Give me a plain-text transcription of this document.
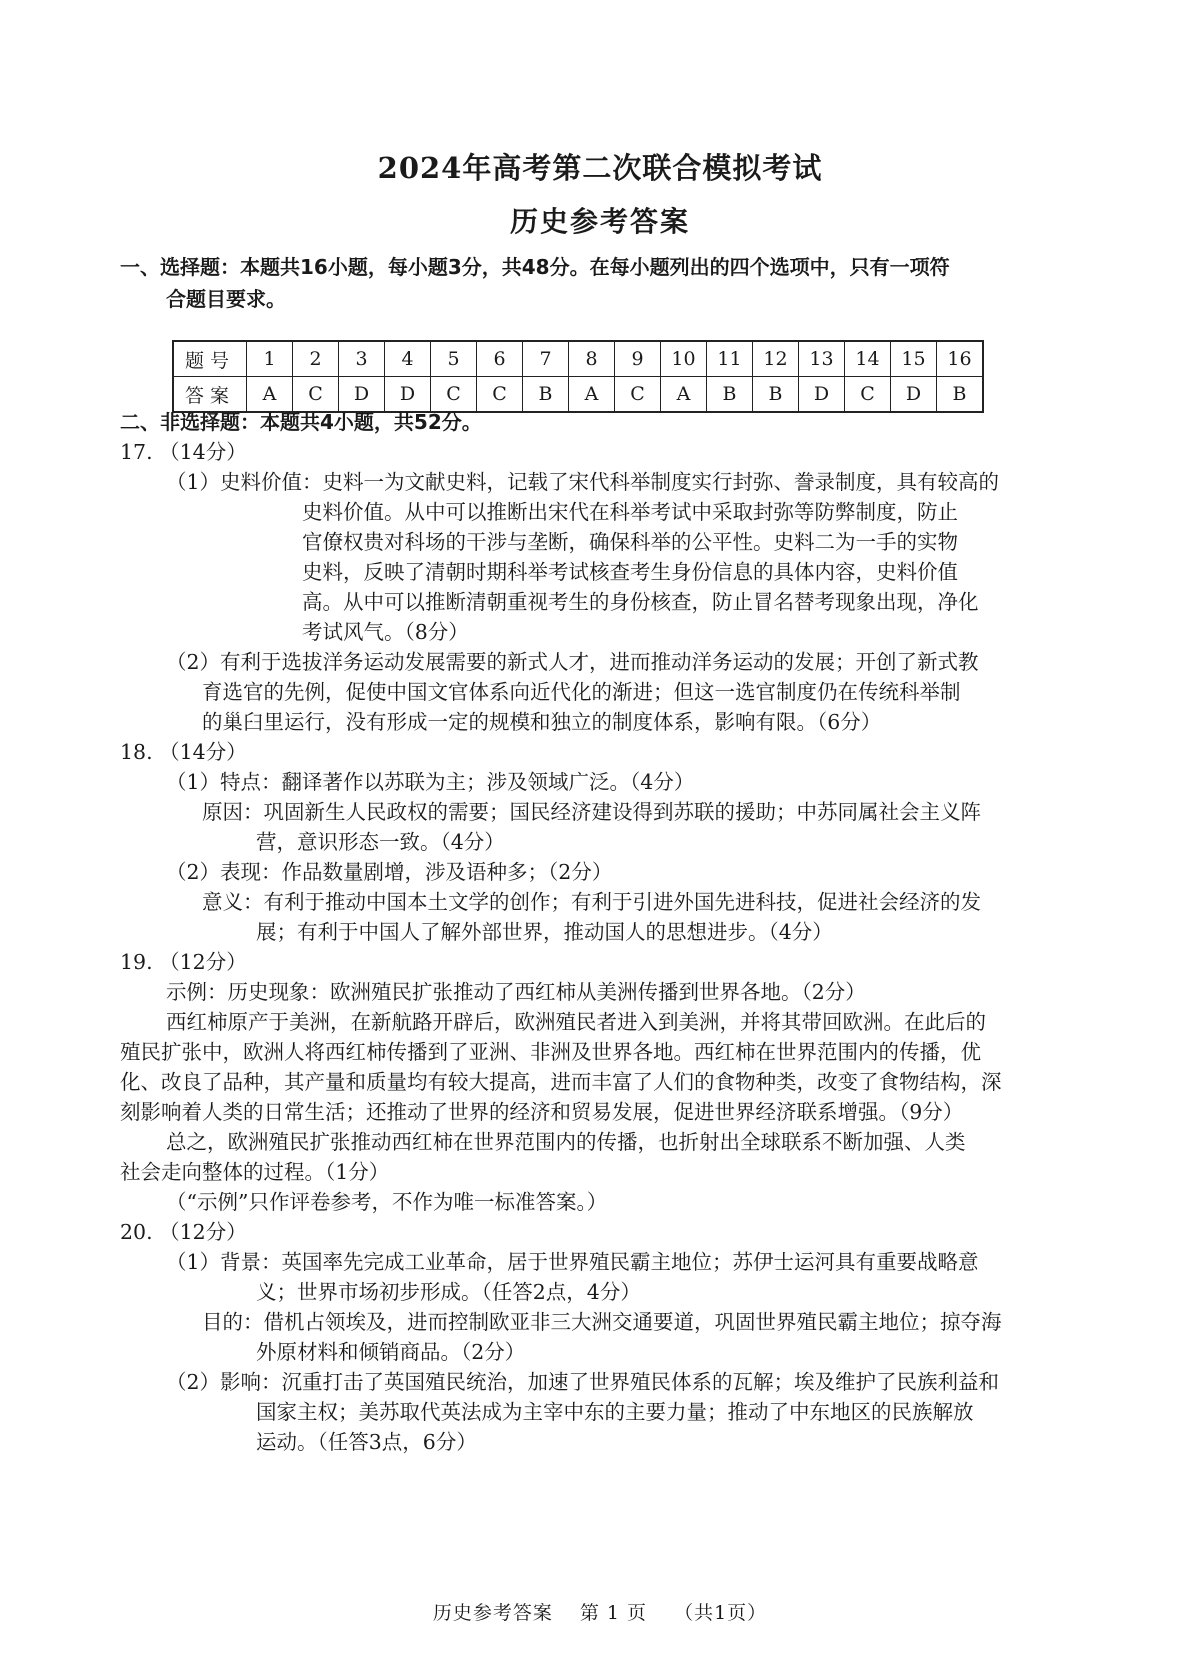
2024年高考第二次联合模拟考试
历史参考答案
一、选择题：本题共16小题，每小题3分，共48分。在每小题列出的四个选项中，只有一项符
合题目要求。
题号	1	2	3	4	5	6	7	8	9	10	11	12	13	14	15	16
答案	A	C	D	D	C	C	B	A	C	A	B	B	D	C	D	B
二、非选择题：本题共4小题，共52分。
17. （14分）
（1）史料价值：史料一为文献史料，记载了宋代科举制度实行封弥、誊录制度，具有较高的
史料价值。从中可以推断出宋代在科举考试中采取封弥等防弊制度，防止
官僚权贵对科场的干涉与垄断，确保科举的公平性。史料二为一手的实物
史料，反映了清朝时期科举考试核查考生身份信息的具体内容，史料价值
高。从中可以推断清朝重视考生的身份核查，防止冒名替考现象出现，净化
考试风气。（8分）
（2）有利于选拔洋务运动发展需要的新式人才，进而推动洋务运动的发展；开创了新式教
育选官的先例，促使中国文官体系向近代化的渐进；但这一选官制度仍在传统科举制
的巢臼里运行，没有形成一定的规模和独立的制度体系，影响有限。（6分）
18. （14分）
（1）特点：翻译著作以苏联为主；涉及领域广泛。（4分）
原因：巩固新生人民政权的需要；国民经济建设得到苏联的援助；中苏同属社会主义阵
营，意识形态一致。（4分）
（2）表现：作品数量剧增，涉及语种多；（2分）
意义：有利于推动中国本土文学的创作；有利于引进外国先进科技，促进社会经济的发
展；有利于中国人了解外部世界，推动国人的思想进步。（4分）
19. （12分）
示例：历史现象：欧洲殖民扩张推动了西红柿从美洲传播到世界各地。（2分）
西红柿原产于美洲，在新航路开辟后，欧洲殖民者进入到美洲，并将其带回欧洲。在此后的
殖民扩张中，欧洲人将西红柿传播到了亚洲、非洲及世界各地。西红柿在世界范围内的传播，优
化、改良了品种，其产量和质量均有较大提高，进而丰富了人们的食物种类，改变了食物结构，深
刻影响着人类的日常生活；还推动了世界的经济和贸易发展，促进世界经济联系增强。（9分）
总之，欧洲殖民扩张推动西红柿在世界范围内的传播，也折射出全球联系不断加强、人类
社会走向整体的过程。（1分）
（“示例”只作评卷参考，不作为唯一标准答案。）
20. （12分）
（1）背景：英国率先完成工业革命，居于世界殖民霸主地位；苏伊士运河具有重要战略意
义；世界市场初步形成。（任答2点，4分）
目的：借机占领埃及，进而控制欧亚非三大洲交通要道，巩固世界殖民霸主地位；掠夺海
外原材料和倾销商品。（2分）
（2）影响：沉重打击了英国殖民统治，加速了世界殖民体系的瓦解；埃及维护了民族利益和
国家主权；美苏取代英法成为主宰中东的主要力量；推动了中东地区的民族解放
运动。（任答3点，6分）
历史参考答案 第 1 页 （共1页）
